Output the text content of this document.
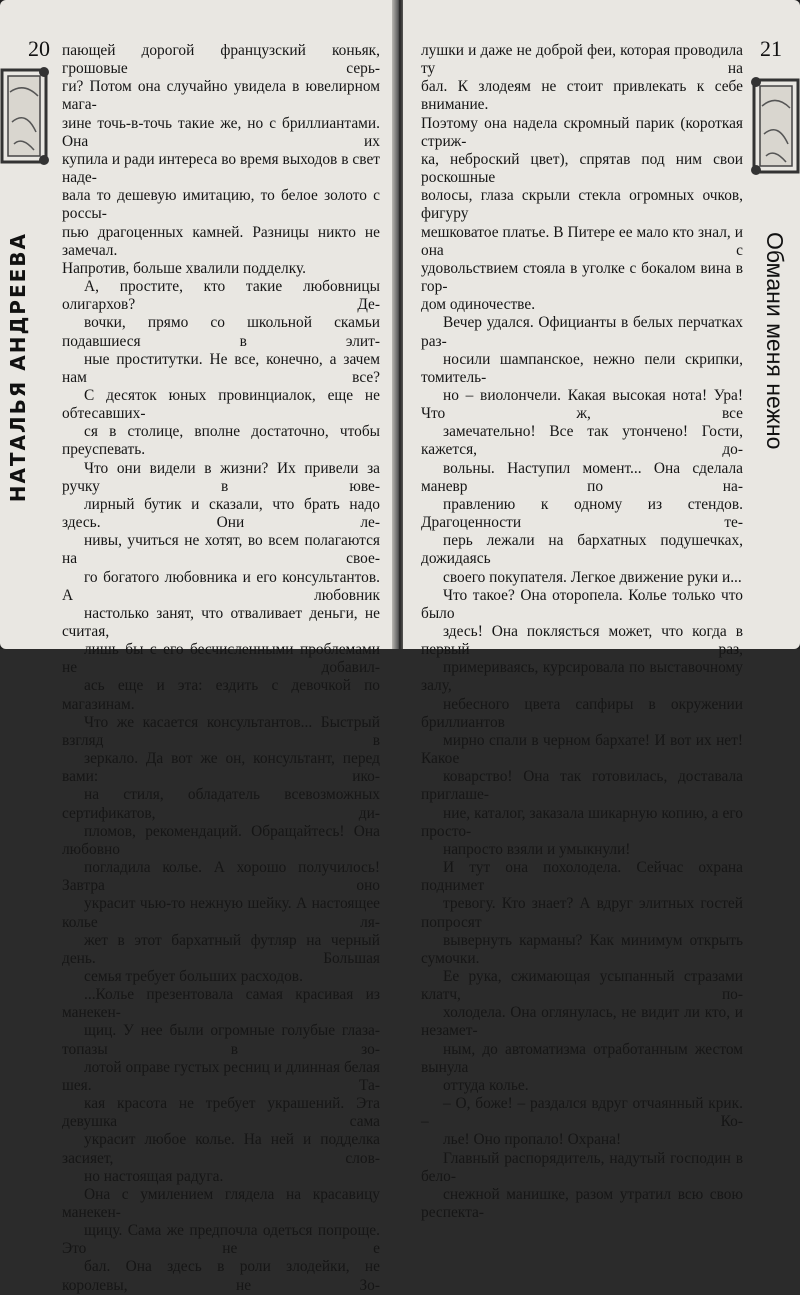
20
НАТАЛЬЯ АНДРЕЕВА

пающей дорогой французский коньяк, грошовые серь-
ги? Потом она случайно увидела в ювелирном мага-
зине точь-в-точь такие же, но с бриллиантами. Она их
купила и ради интереса во время выходов в свет наде-
вала то дешевую имитацию, то белое золото с россы-
пью драгоценных камней. Разницы никто не замечал.
Напротив, больше хвалили подделку.

А, простите, кто такие любовницы олигархов? Де-
вочки, прямо со школьной скамьи подавшиеся в элит-
ные проститутки. Не все, конечно, а зачем нам все?
С десяток юных провинциалок, еще не обтесавших-
ся в столице, вполне достаточно, чтобы преуспевать.
Что они видели в жизни? Их привели за ручку в юве-
лирный бутик и сказали, что брать надо здесь. Они ле-
нивы, учиться не хотят, во всем полагаются на свое-
го богатого любовника и его консультантов. А любовник
настолько занят, что отваливает деньги, не считая,
лишь бы с его бесчисленными проблемами не добавил-
ась еще и эта: ездить с девочкой по магазинам.

Что же касается консультантов... Быстрый взгляд в
зеркало. Да вот же он, консультант, перед вами: ико-
на стиля, обладатель всевозможных сертификатов, ди-
пломов, рекомендаций. Обращайтесь! Она любовно
погладила колье. А хорошо получилось! Завтра оно
украсит чью-то нежную шейку. А настоящее колье ля-
жет в этот бархатный футляр на черный день. Большая
семья требует больших расходов.

...Колье презентовала самая красивая из манекен-
щиц. У нее были огромные голубые глаза-топазы в зо-
лотой оправе густых ресниц и длинная белая шея. Та-
кая красота не требует украшений. Эта девушка сама
украсит любое колье. На ней и подделка засияет, слов-
но настоящая радуга.

Она с умилением глядела на красавицу манекен-
щицу. Сама же предпочла одеться попроще. Это не е
бал. Она здесь в роли злодейки, не королевы, не Зо-

21
Обмани меня нежно

лушки и даже не доброй феи, которая проводила ту на
бал. К злодеям не стоит привлекать к себе внимание.
Поэтому она надела скромный парик (короткая стриж-
ка, неброский цвет), спрятав под ним свои роскошные
волосы, глаза скрыли стекла огромных очков, фигуру
мешковатое платье. В Питере ее мало кто знал, и она с
удовольствием стояла в уголке с бокалом вина в гор-
дом одиночестве.

Вечер удался. Официанты в белых перчатках раз-
носили шампанское, нежно пели скрипки, томитель-
но – виолончели. Какая высокая нота! Ура! Что ж, все
замечательно! Все так утончено! Гости, кажется, до-
вольны. Наступил момент... Она сделала маневр по на-
правлению к одному из стендов. Драгоценности те-
перь лежали на бархатных подушечках, дожидаясь
своего покупателя. Легкое движение руки и...

Что такое? Она оторопела. Колье только что было
здесь! Она поклясться может, что когда в первый раз,
примериваясь, курсировала по выставочному залу,
небесного цвета сапфиры в окружении бриллиантов
мирно спали в черном бархате! И вот их нет! Какое
коварство! Она так готовилась, доставала приглаше-
ние, каталог, заказала шикарную копию, а его просто-
напросто взяли и умыкнули!

И тут она похолодела. Сейчас охрана поднимет
тревогу. Кто знает? А вдруг элитных гостей попросят
вывернуть карманы? Как минимум открыть сумочки.
Ее рука, сжимающая усыпанный стразами клатч, по-
холодела. Она оглянулась, не видит ли кто, и незамет-
ным, до автоматизма отработанным жестом вынула
оттуда колье.

– О, боже! – раздался вдруг отчаянный крик. – Ко-
лье! Оно пропало! Охрана!

Главный распорядитель, надутый господин в бело-
снежной манишке, разом утратил всю свою респекта-
